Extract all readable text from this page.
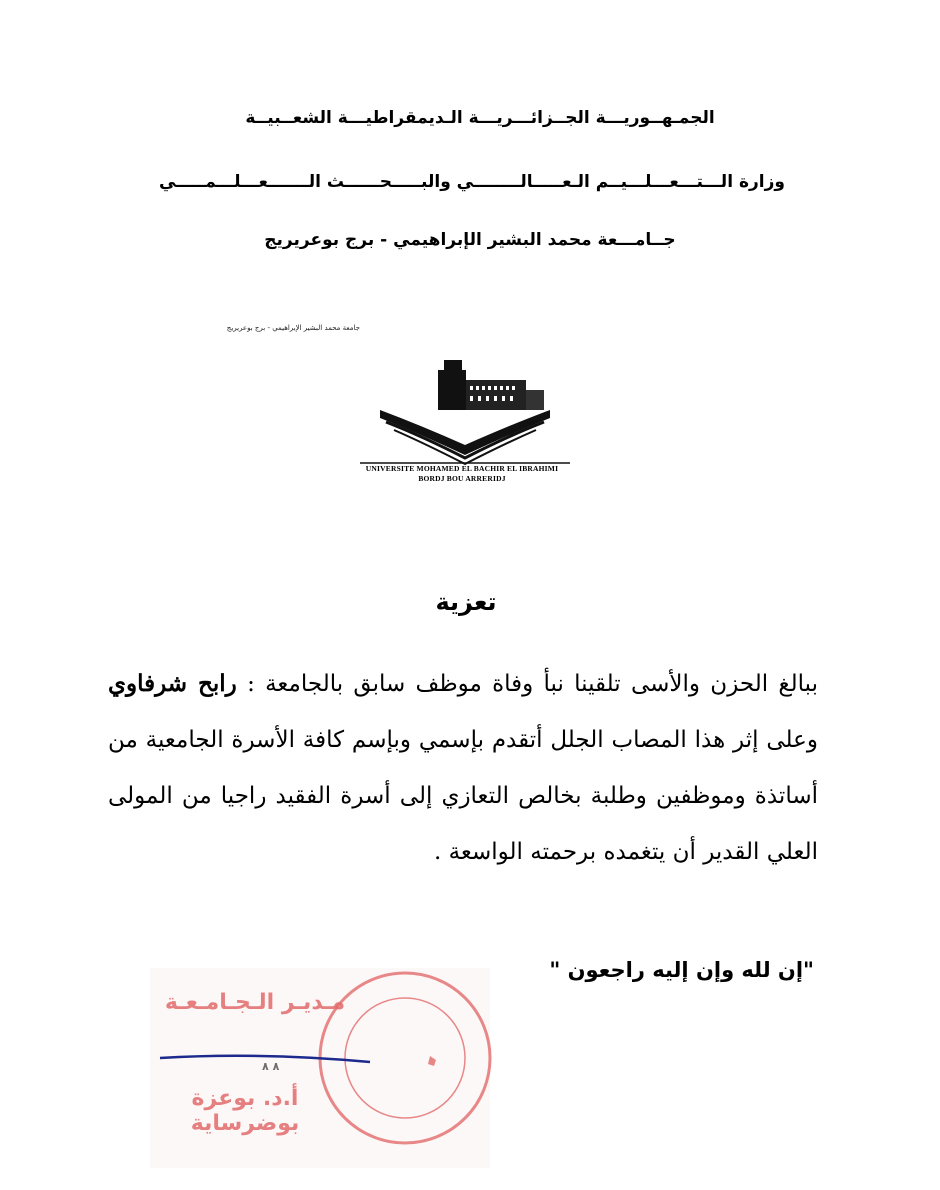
الجمـهــوريـــة الجــزائـــريـــة الـديمقراطيـــة الشعــبيــة
وزارة الـــتـــعـــلـــيــم الـعـــــالــــــــي والبـــــحــــــث الـــــــعـــلـــمـــــي
جــامـــعة محمد البشير الإبراهيمي - برج بوعريريج
جامعة محمد البشير الإبراهيمي - برج بوعريريج
UNIVERSITE MOHAMED EL BACHIR EL IBRAHIMI
BORDJ BOU ARRERIDJ
تعزية
ببالغ الحزن والأسى تلقينا نبأ وفاة موظف سابق بالجامعة : رابح شرفاوي وعلى إثر هذا المصاب الجلل أتقدم بإسمي وبإسم كافة الأسرة الجامعية من أساتذة وموظفين وطلبة بخالص التعازي إلى أسرة الفقيد راجيا من المولى العلي القدير أن يتغمده برحمته الواسعة .
"إن لله وإن إليه راجعون "
مـديـر الـجـامـعـة
٨ ٨
أ.د. بوعزة بوضرساية
